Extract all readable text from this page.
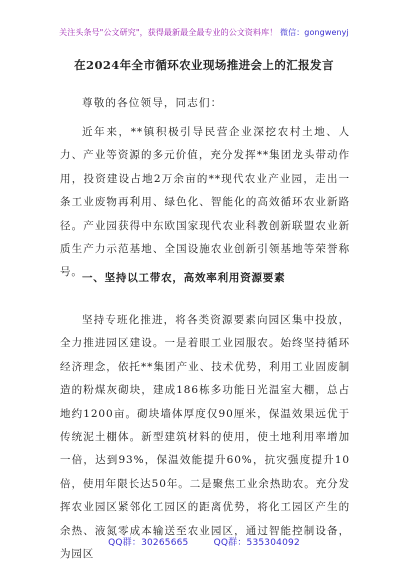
关注头条号"公文研究"，获得最新最全最专业的公文资料库！ 微信：gongwenyj
在2024年全市循环农业现场推进会上的汇报发言
尊敬的各位领导，同志们：

近年来，**镇积极引导民营企业深挖农村土地、人力、产业等资源的多元价值，充分发挥**集团龙头带动作用，投资建设占地2万余亩的**现代农业产业园，走出一条工业废物再利用、绿色化、智能化的高效循环农业新路径。产业园获得中东欧国家现代农业科教创新联盟农业新质生产力示范基地、全国设施农业创新引领基地等荣誉称号。 一、坚持以工带农，高效率利用资源要素

坚持专班化推进，将各类资源要素向园区集中投放，全力推进园区建设。一是着眼工业园服农。始终坚持循环经济理念，依托**集团产业、技术优势，利用工业固废制造的粉煤灰砌块，建成186栋多功能日光温室大棚，总占地约1200亩。砌块墙体厚度仅90厘米，保温效果远优于传统泥土棚体。新型建筑材料的使用，使土地利用率增加一倍，达到93%，保温效能提升60%，抗灾强度提升10倍，使用年限长达50年。二是聚焦工业余热助农。充分发挥农业园区紧邻化工园区的距离优势，将化工园区产生的余热、液氮零成本输送至农业园区，通过智能控制设备，为园区

QQ群：30265665	QQ群：535304092
